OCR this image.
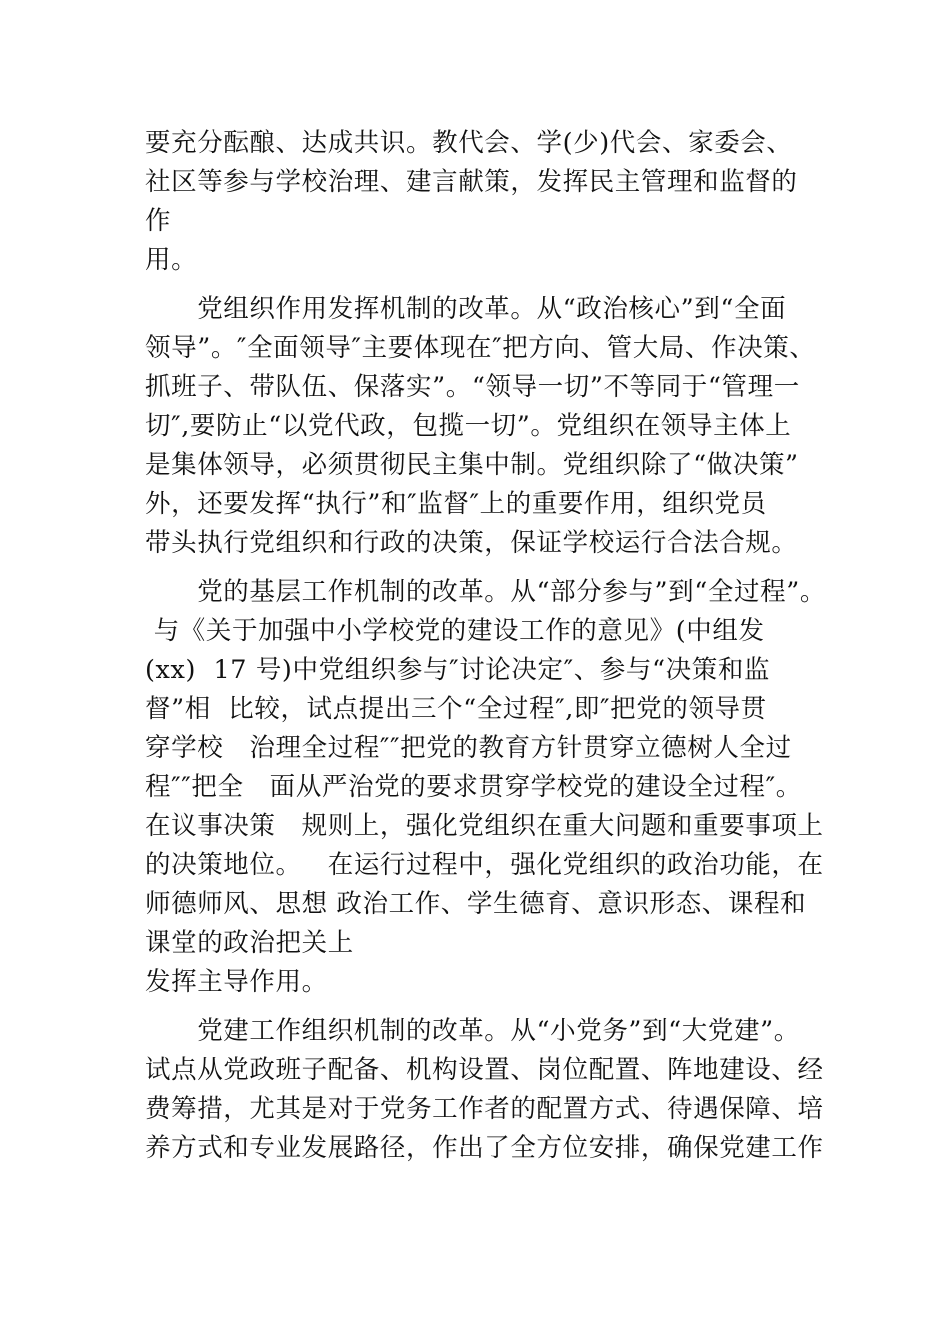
要充分酝酿、达成共识。教代会、学(少)代会、家委会、
社区等参与学校治理、建言献策，发挥民主管理和监督的
作
用。
　　党组织作用发挥机制的改革。从“政治核心”到“全面
领导”。″全面领导″主要体现在″把方向、管大局、作决策、
抓班子、带队伍、保落实”。“领导一切”不等同于“管理一
切″,要防止“以党代政，包揽一切”。党组织在领导主体上
是集体领导，必须贯彻民主集中制。党组织除了“做决策”
外，还要发挥“执行”和″监督″上的重要作用，组织党员
带头执行党组织和行政的决策，保证学校运行合法合规。
　　党的基层工作机制的改革。从“部分参与”到“全过程”。
与《关于加强中小学校党的建设工作的意见》(中组发
(xx)  17 号)中党组织参与″讨论决定″、参与“决策和监
督”相  比较，试点提出三个“全过程″,即″把党的领导贯
穿学校   治理全过程″″把党的教育方针贯穿立德树人全过
程″″把全   面从严治党的要求贯穿学校党的建设全过程″。
在议事决策   规则上，强化党组织在重大问题和重要事项上
的决策地位。   在运行过程中，强化党组织的政治功能，在
师德师风、思想 政治工作、学生德育、意识形态、课程和
课堂的政治把关上
发挥主导作用。
　　党建工作组织机制的改革。从“小党务”到“大党建”。
试点从党政班子配备、机构设置、岗位配置、阵地建设、经
费筹措，尤其是对于党务工作者的配置方式、待遇保障、培
养方式和专业发展路径，作出了全方位安排，确保党建工作
